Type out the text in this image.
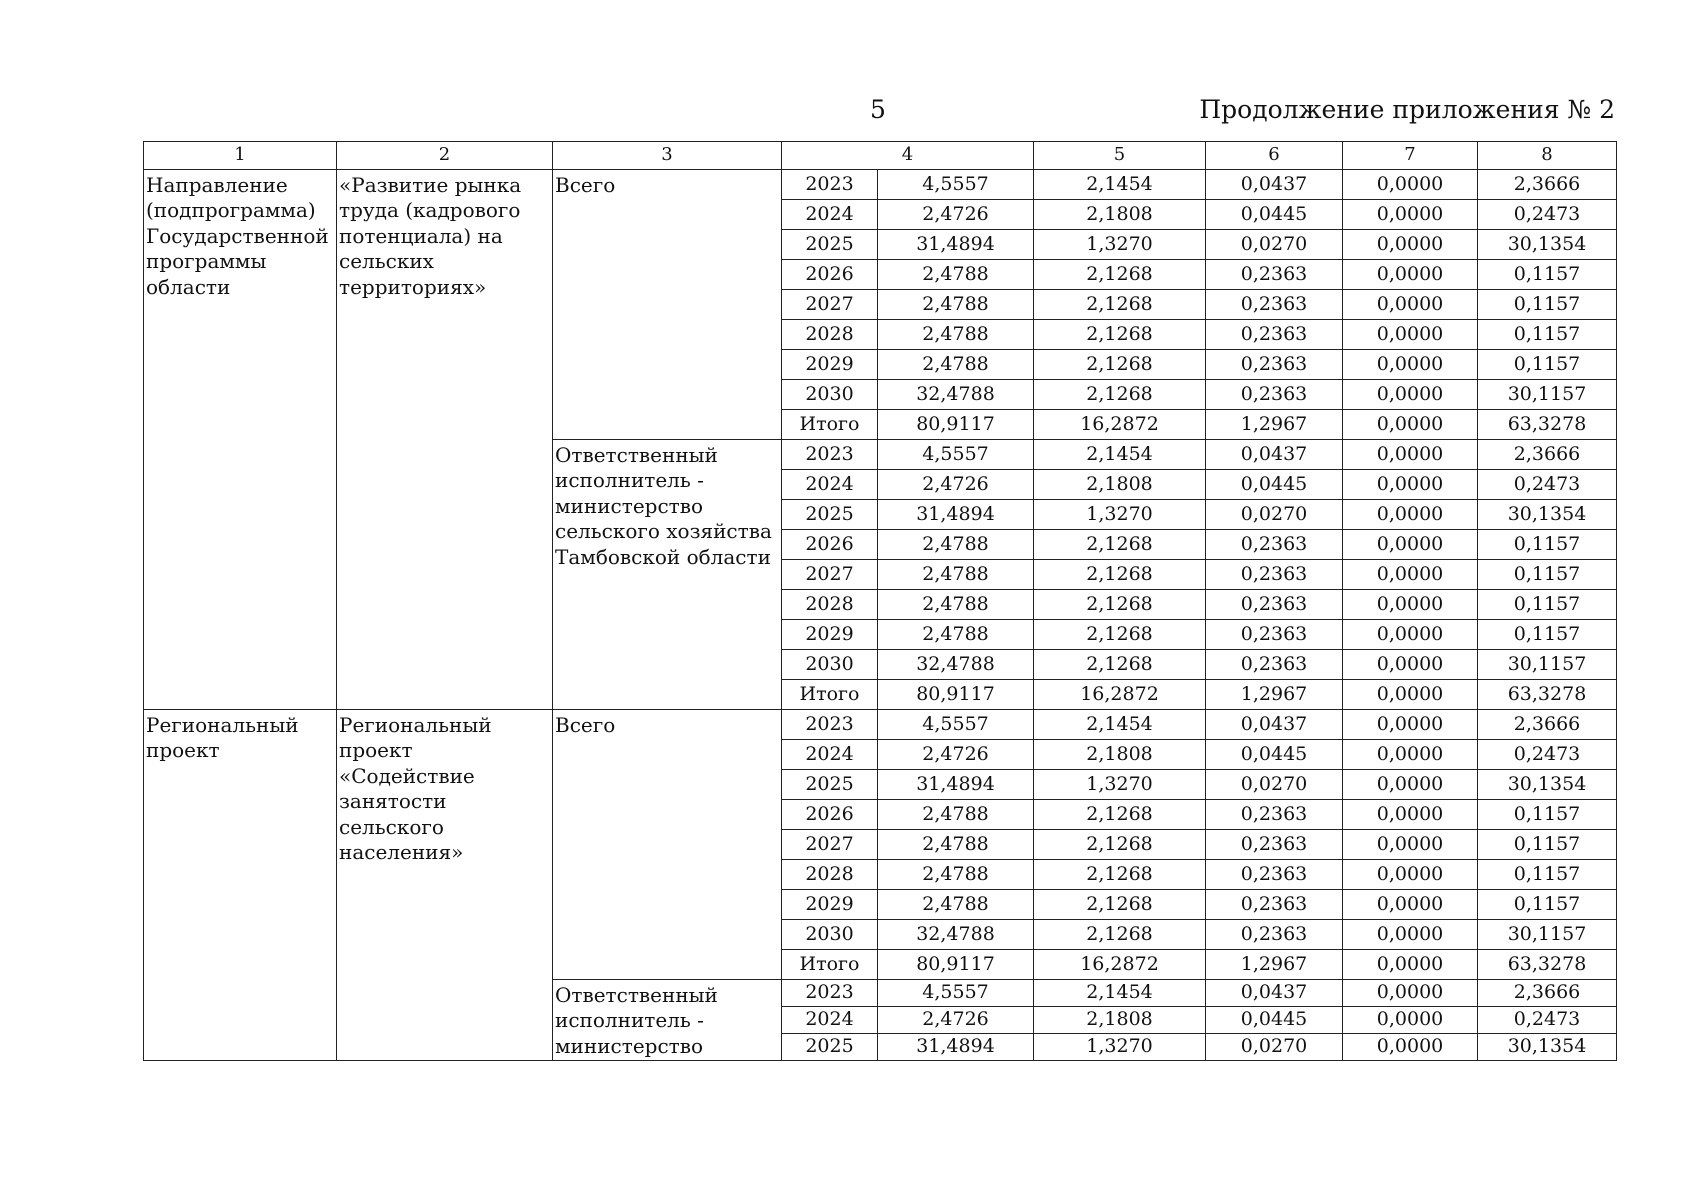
5	Продолжение приложения № 2
1	2	3	4		5	6	7	8
Направление (подпрограмма) Государственной программы области	«Развитие рынка труда (кадрового потенциала) на сельских территориях»	Всего	2023	4,5557	2,1454	0,0437	0,0000	2,3666
			2024	2,4726	2,1808	0,0445	0,0000	0,2473
			2025	31,4894	1,3270	0,0270	0,0000	30,1354
			2026	2,4788	2,1268	0,2363	0,0000	0,1157
			2027	2,4788	2,1268	0,2363	0,0000	0,1157
			2028	2,4788	2,1268	0,2363	0,0000	0,1157
			2029	2,4788	2,1268	0,2363	0,0000	0,1157
			2030	32,4788	2,1268	0,2363	0,0000	30,1157
			Итого	80,9117	16,2872	1,2967	0,0000	63,3278
		Ответственный исполнитель - министерство сельского хозяйства Тамбовской области	2023	4,5557	2,1454	0,0437	0,0000	2,3666
			2024	2,4726	2,1808	0,0445	0,0000	0,2473
			2025	31,4894	1,3270	0,0270	0,0000	30,1354
			2026	2,4788	2,1268	0,2363	0,0000	0,1157
			2027	2,4788	2,1268	0,2363	0,0000	0,1157
			2028	2,4788	2,1268	0,2363	0,0000	0,1157
			2029	2,4788	2,1268	0,2363	0,0000	0,1157
			2030	32,4788	2,1268	0,2363	0,0000	30,1157
			Итого	80,9117	16,2872	1,2967	0,0000	63,3278
Региональный проект	Региональный проект «Содействие занятости сельского населения»	Всего	2023	4,5557	2,1454	0,0437	0,0000	2,3666
			2024	2,4726	2,1808	0,0445	0,0000	0,2473
			2025	31,4894	1,3270	0,0270	0,0000	30,1354
			2026	2,4788	2,1268	0,2363	0,0000	0,1157
			2027	2,4788	2,1268	0,2363	0,0000	0,1157
			2028	2,4788	2,1268	0,2363	0,0000	0,1157
			2029	2,4788	2,1268	0,2363	0,0000	0,1157
			2030	32,4788	2,1268	0,2363	0,0000	30,1157
			Итого	80,9117	16,2872	1,2967	0,0000	63,3278
		Ответственный исполнитель - министерство	2023	4,5557	2,1454	0,0437	0,0000	2,3666
			2024	2,4726	2,1808	0,0445	0,0000	0,2473
			2025	31,4894	1,3270	0,0270	0,0000	30,1354
